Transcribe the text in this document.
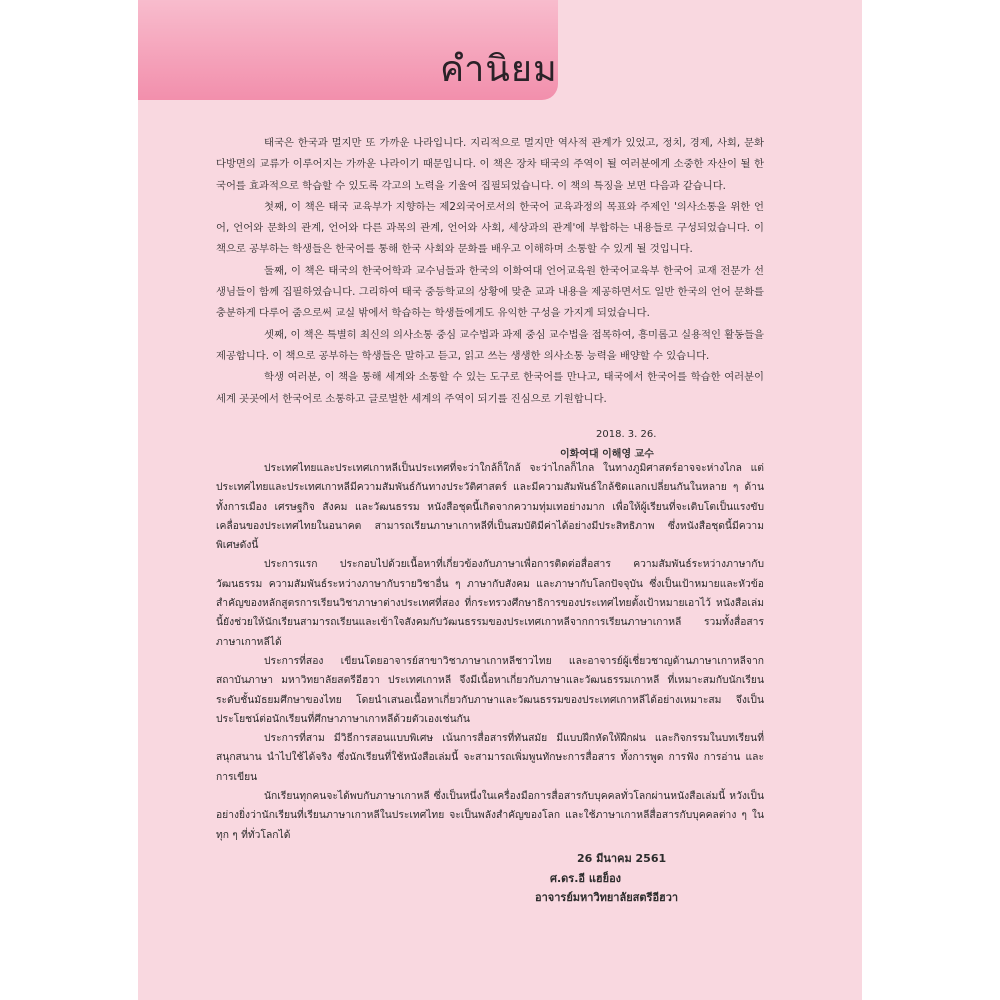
คำนิยม

태국은 한국과 멀지만 또 가까운 나라입니다. 지리적으로 멀지만 역사적 관계가 있었고, 정치, 경제, 사회, 문화 다방면의 교류가 이루어지는 가까운 나라이기 때문입니다. 이 책은 장차 태국의 주역이 될 여러분에게 소중한 자산이 될 한국어를 효과적으로 학습할 수 있도록 각고의 노력을 기울여 집필되었습니다. 이 책의 특징을 보면 다음과 같습니다.

첫째, 이 책은 태국 교육부가 지향하는 제2외국어로서의 한국어 교육과정의 목표와 주제인 '의사소통을 위한 언어, 언어와 문화의 관계, 언어와 다른 과목의 관계, 언어와 사회, 세상과의 관계'에 부합하는 내용들로 구성되었습니다. 이 책으로 공부하는 학생들은 한국어를 통해 한국 사회와 문화를 배우고 이해하며 소통할 수 있게 될 것입니다.

둘째, 이 책은 태국의 한국어학과 교수님들과 한국의 이화여대 언어교육원 한국어교육부 한국어 교재 전문가 선생님들이 함께 집필하였습니다. 그리하여 태국 중등학교의 상황에 맞춘 교과 내용을 제공하면서도 일반 한국의 언어 문화를 충분하게 다루어 줌으로써 교실 밖에서 학습하는 학생들에게도 유익한 구성을 가지게 되었습니다.

셋째, 이 책은 특별히 최신의 의사소통 중심 교수법과 과제 중심 교수법을 접목하여, 흥미롭고 실용적인 활동들을 제공합니다. 이 책으로 공부하는 학생들은 말하고 듣고, 읽고 쓰는 생생한 의사소통 능력을 배양할 수 있습니다.

학생 여러분, 이 책을 통해 세계와 소통할 수 있는 도구로 한국어를 만나고, 태국에서 한국어를 학습한 여러분이 세계 곳곳에서 한국어로 소통하고 글로벌한 세계의 주역이 되기를 진심으로 기원합니다.

2018. 3. 26.
이화여대 이해영 교수

ประเทศไทยและประเทศเกาหลีเป็นประเทศที่จะว่าใกล้ก็ใกล้ จะว่าไกลก็ไกล ในทางภูมิศาสตร์อาจจะห่างไกล แต่ประเทศไทยและประเทศเกาหลีมีความสัมพันธ์กันทางประวัติศาสตร์ และมีความสัมพันธ์ใกล้ชิดแลกเปลี่ยนกันในหลาย ๆ ด้าน ทั้งการเมือง เศรษฐกิจ สังคม และวัฒนธรรม หนังสือชุดนี้เกิดจากความทุ่มเทอย่างมาก เพื่อให้ผู้เรียนที่จะเติบโตเป็นแรงขับเคลื่อนของประเทศไทยในอนาคต สามารถเรียนภาษาเกาหลีที่เป็นสมบัติมีค่าได้อย่างมีประสิทธิภาพ ซึ่งหนังสือชุดนี้มีความพิเศษดังนี้

ประการแรก ประกอบไปด้วยเนื้อหาที่เกี่ยวข้องกับภาษาเพื่อการติดต่อสื่อสาร ความสัมพันธ์ระหว่างภาษากับวัฒนธรรม ความสัมพันธ์ระหว่างภาษากับรายวิชาอื่น ๆ ภาษากับสังคม และภาษากับโลกปัจจุบัน ซึ่งเป็นเป้าหมายและหัวข้อสำคัญของหลักสูตรการเรียนวิชาภาษาต่างประเทศที่สอง ที่กระทรวงศึกษาธิการของประเทศไทยตั้งเป้าหมายเอาไว้ หนังสือเล่มนี้ยังช่วยให้นักเรียนสามารถเรียนและเข้าใจสังคมกับวัฒนธรรมของประเทศเกาหลีจากการเรียนภาษาเกาหลี รวมทั้งสื่อสารภาษาเกาหลีได้

ประการที่สอง เขียนโดยอาจารย์สาขาวิชาภาษาเกาหลีชาวไทย และอาจารย์ผู้เชี่ยวชาญด้านภาษาเกาหลีจากสถาบันภาษา มหาวิทยาลัยสตรีอีฮวา ประเทศเกาหลี จึงมีเนื้อหาเกี่ยวกับภาษาและวัฒนธรรมเกาหลี ที่เหมาะสมกับนักเรียนระดับชั้นมัธยมศึกษาของไทย โดยนำเสนอเนื้อหาเกี่ยวกับภาษาและวัฒนธรรมของประเทศเกาหลีได้อย่างเหมาะสม จึงเป็นประโยชน์ต่อนักเรียนที่ศึกษาภาษาเกาหลีด้วยตัวเองเช่นกัน

ประการที่สาม มีวิธีการสอนแบบพิเศษ เน้นการสื่อสารที่ทันสมัย มีแบบฝึกหัดให้ฝึกฝน และกิจกรรมในบทเรียนที่สนุกสนาน นำไปใช้ได้จริง ซึ่งนักเรียนที่ใช้หนังสือเล่มนี้ จะสามารถเพิ่มพูนทักษะการสื่อสาร ทั้งการพูด การฟัง การอ่าน และการเขียน

นักเรียนทุกคนจะได้พบกับภาษาเกาหลี ซึ่งเป็นหนึ่งในเครื่องมือการสื่อสารกับบุคคลทั่วโลกผ่านหนังสือเล่มนี้ หวังเป็นอย่างยิ่งว่านักเรียนที่เรียนภาษาเกาหลีในประเทศไทย จะเป็นพลังสำคัญของโลก และใช้ภาษาเกาหลีสื่อสารกับบุคคลต่าง ๆ ในทุก ๆ ที่ทั่วโลกได้

26 มีนาคม 2561
ศ.ดร.อี แฮย็อง
อาจารย์มหาวิทยาลัยสตรีอีฮวา
